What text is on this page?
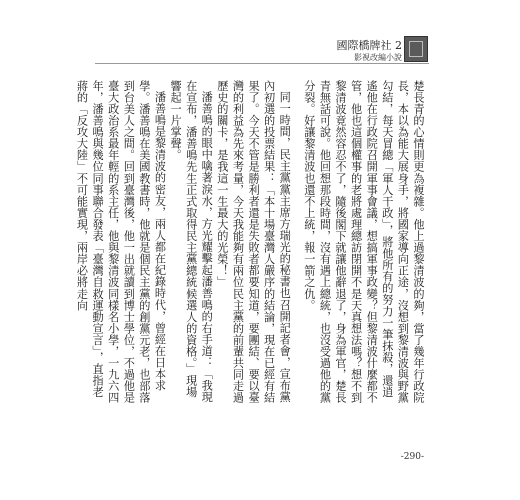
國際橋牌社 2
影視改編小說

楚長青的心情則更為複雜。他上過黎清波的夠，當了幾年行政院長，本以為能大展身手，將國家導向正途，沒想到黎清波與野黨勾結，每天冒總「軍人干政」，將他所有的努力一筆抹殺，還逍遙他在行政院召開軍事會議，想搞軍事政變？但黎清波什麼都不管，他也這個權事的老將處理總訪閉開不是天真想法嗎？想不到黎清波竟然容忍不了，隨後閣下就讓他辭退了，身為軍官，楚長青無話可說。他回想那段時間，沒有遇上總統，也沒受過他的黨分裂。好讓黎清波也還不上統，報一箭之仇。

同一時間，民主黨黨主席方瑞光的秘書也召開記者會，宣布黨內初選的投票結果：「本十場臺灣人嚴序的結論，現在已經有結果了。今天不管是勝利者還是失敗者都要知道，要團結、要以臺灣的利益為先來考量，今天我能夠有兩位民主黨的前輩共同走過歷史的關卡，是我這一生最大的光榮！」

潘善鳴的眼中噙著淚水，方光耀擊起潘善鳴的右手道：「我現在宣布，潘善鳴先生正式取得民主黨總統候選人的資格。」現場響起一片掌聲。

潘善鳴是黎清波的密友，兩人都在紀錄時代，曾經在日本求學。潘善鳴在美國教書時，他就是個民主黨的創黨元老，也部落到台美人之間。回到臺灣後，他一出就讀到博士學位，不過他是臺大政治系最年輕的系主任，他與黎清波同樣名小學，一九六四年，潘善鳴與幾位同事聯合發表「臺灣自救運動宣言」，直指老蔣的「反攻大陸」不可能實現，兩岸必將走向

-290-
